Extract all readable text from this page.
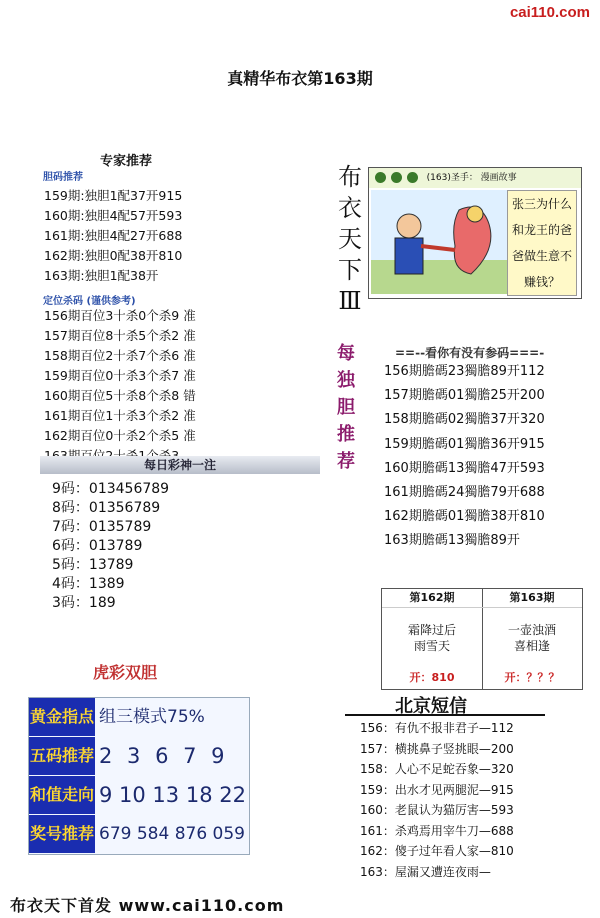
cai110.com
真精华布衣第163期
专家推荐
胆码推荐
159期:独胆1配37开915
160期:独胆4配57开593
161期:独胆4配27开688
162期:独胆0配38开810
163期:独胆1配38开
定位杀码 (谨供参考)
156期百位3十杀0个杀9 准
157期百位8十杀5个杀2 准
158期百位2十杀7个杀6 准
159期百位0十杀3个杀7 准
160期百位5十杀8个杀8 错
161期百位1十杀3个杀2 准
162期百位0十杀2个杀5 准
每日彩神一注
9码：013456789
8码：01356789
7码：0135789
6码：013789
5码：13789
4码：1389
3码：189
虎彩双胆
黄金指点 组三模式75%
五码推荐 2 3 6 7 9
和值走向 9 10 13 18 22
奖号推荐 679 584 876 059
布
衣
天
下
Ⅲ
(163)圣手： 漫画故事
张三为什么
和龙王的爸
爸做生意不
赚钱？
每
独
胆
推
荐
==--看你有没有参码===-
156期膽碼23獨膽89开112
157期膽碼01獨膽25开200
158期膽碼02獨膽37开320
159期膽碼01獨膽36开915
160期膽碼13獨膽47开593
161期膽碼24獨膽79开688
162期膽碼01獨膽38开810
163期膽碼13獨膽89开
第162期
霜降过后
雨雪天
开：810
第163期
一壶浊酒
喜相逢
开：？？？
北京短信
156：有仇不报非君子—112
157：横挑鼻子竖挑眼—200
158：人心不足蛇吞象—320
159：出水才见两腿泥—915
160：老鼠认为猫厉害—593
161：杀鸡焉用宰牛刀—688
162：傻子过年看人家—810
163：屋漏又遭连夜雨—
布衣天下首发 www.cai110.com
